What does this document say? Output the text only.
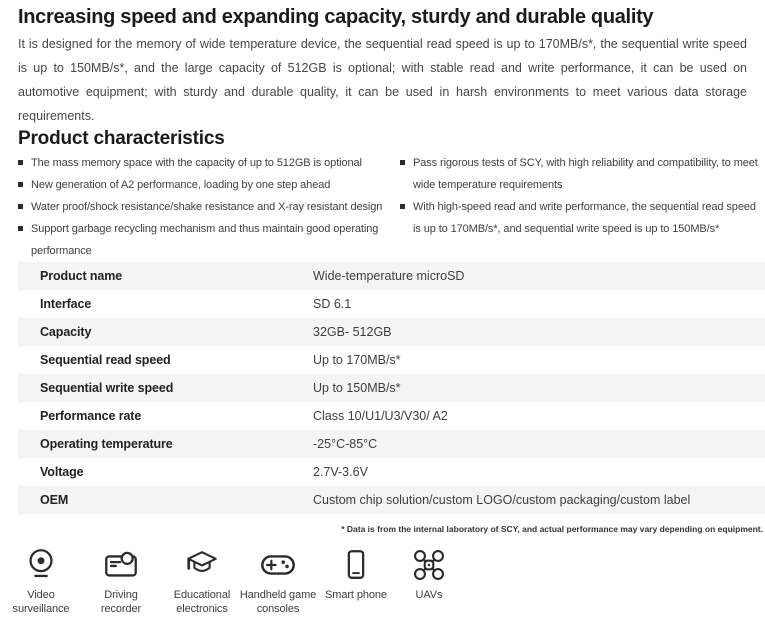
Increasing speed and expanding capacity, sturdy and durable quality

It is designed for the memory of wide temperature device, the sequential read speed is up to 170MB/s*, the sequential write speed is up to 150MB/s*, and the large capacity of 512GB is optional; with stable read and write performance, it can be used on automotive equipment; with sturdy and durable quality, it can be used in harsh environments to meet various data storage requirements.

Product characteristics
The mass memory space with the capacity of up to 512GB is optional
New generation of A2 performance, loading by one step ahead
Water proof/shock resistance/shake resistance and X-ray resistant design
Support garbage recycling mechanism and thus maintain good operating performance
Pass rigorous tests of SCY, with high reliability and compatibility, to meet wide temperature requirements
With high-speed read and write performance, the sequential read speed is up to 170MB/s*, and sequential write speed is up to 150MB/s*
Product name	Wide-temperature microSD
Interface	SD 6.1
Capacity	32GB- 512GB
Sequential read speed	Up to 170MB/s*
Sequential write speed	Up to 150MB/s*
Performance rate	Class 10/U1/U3/V30/ A2
Operating temperature	-25°C-85°C
Voltage	2.7V-3.6V
OEM	Custom chip solution/custom LOGO/custom packaging/custom label
* Data is from the internal laboratory of SCY, and actual performance may vary depending on equipment.
Video surveillance
Driving recorder
Educational electronics
Handheld game consoles
Smart phone	UAVs
